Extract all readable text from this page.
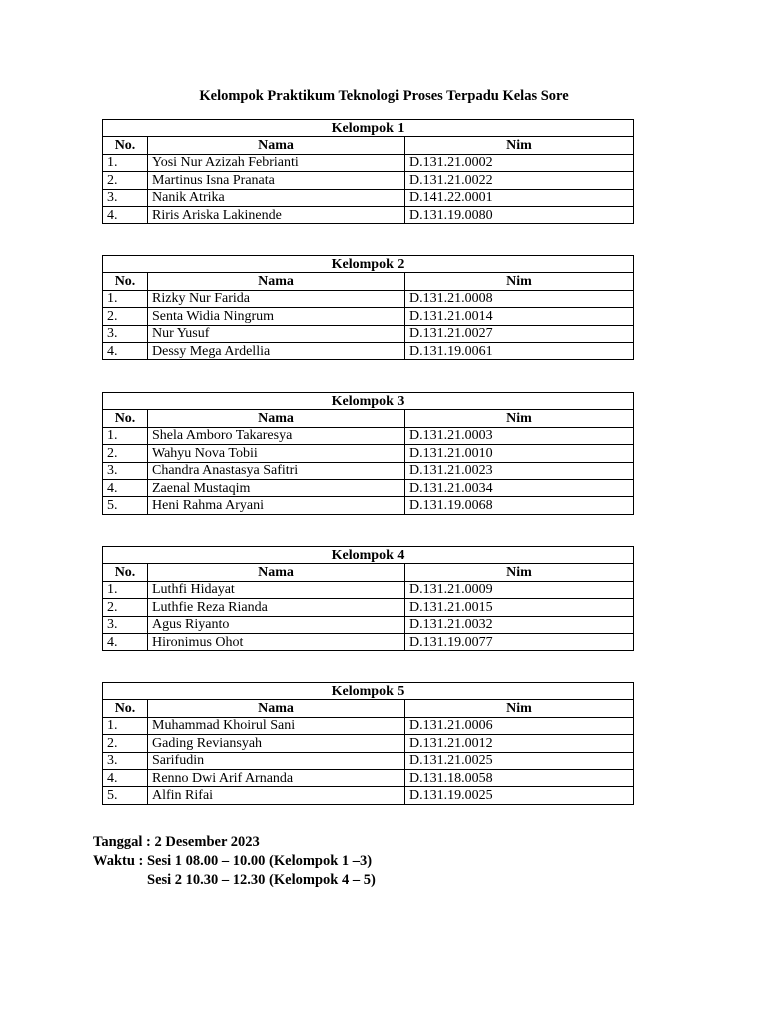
Kelompok Praktikum Teknologi Proses Terpadu Kelas Sore
Kelompok 1		
No.	Nama	Nim
1.	Yosi Nur Azizah Febrianti	D.131.21.0002
2.	Martinus Isna Pranata	D.131.21.0022
3.	Nanik Atrika	D.141.22.0001
4.	Riris Ariska Lakinende	D.131.19.0080
Kelompok 2		
No.	Nama	Nim
1.	Rizky Nur Farida	D.131.21.0008
2.	Senta Widia Ningrum	D.131.21.0014
3.	Nur Yusuf	D.131.21.0027
4.	Dessy Mega Ardellia	D.131.19.0061
Kelompok 3		
No.	Nama	Nim
1.	Shela Amboro Takaresya	D.131.21.0003
2.	Wahyu Nova Tobii	D.131.21.0010
3.	Chandra Anastasya Safitri	D.131.21.0023
4.	Zaenal Mustaqim	D.131.21.0034
5.	Heni Rahma Aryani	D.131.19.0068
Kelompok 4		
No.	Nama	Nim
1.	Luthfi Hidayat	D.131.21.0009
2.	Luthfie Reza Rianda	D.131.21.0015
3.	Agus Riyanto	D.131.21.0032
4.	Hironimus Ohot	D.131.19.0077
Kelompok 5		
No.	Nama	Nim
1.	Muhammad Khoirul Sani	D.131.21.0006
2.	Gading Reviansyah	D.131.21.0012
3.	Sarifudin	D.131.21.0025
4.	Renno Dwi Arif Arnanda	D.131.18.0058
5.	Alfin Rifai	D.131.19.0025
Tanggal : 2 Desember 2023
Waktu : Sesi 1 08.00 – 10.00 (Kelompok 1 –3)
Sesi 2 10.30 – 12.30 (Kelompok 4 – 5)
